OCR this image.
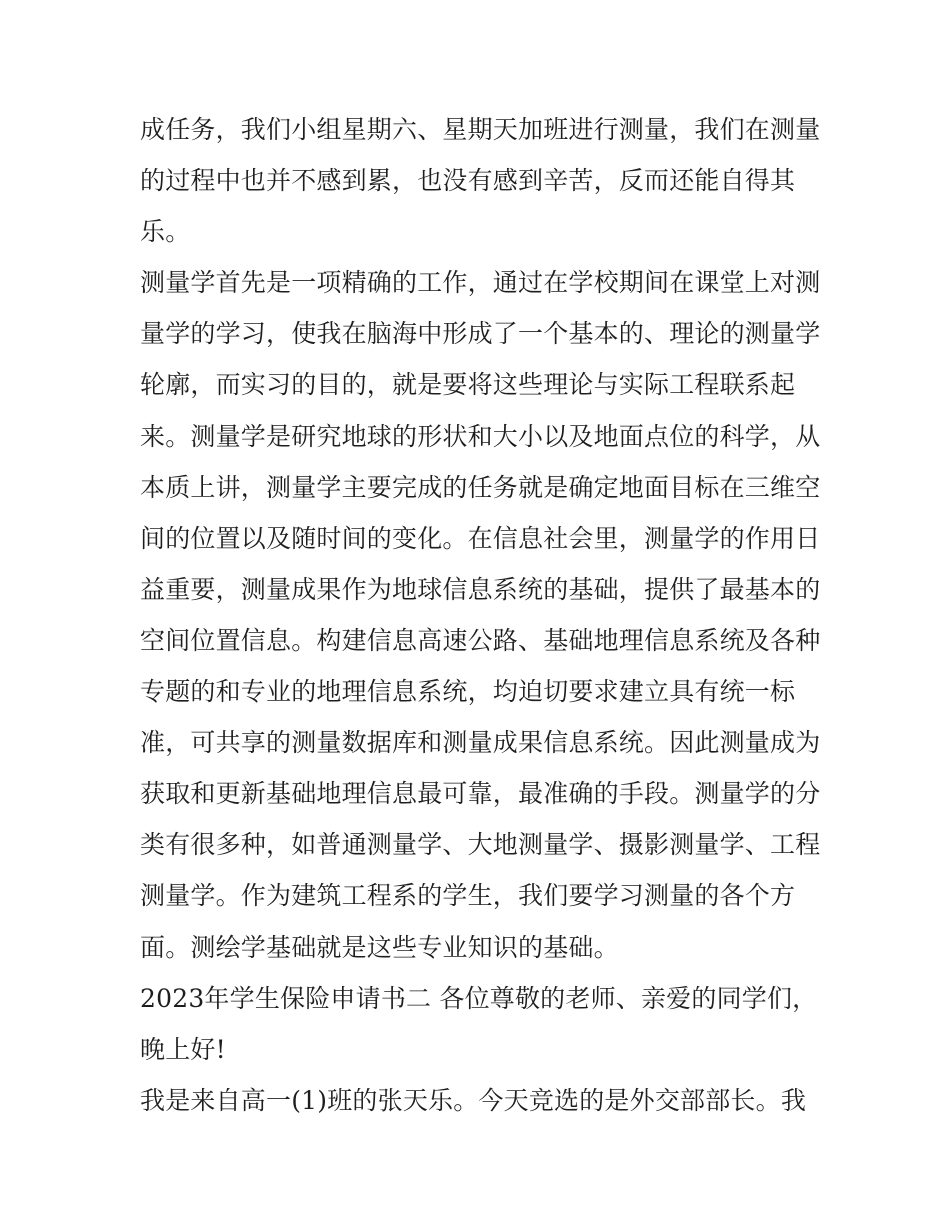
成任务，我们小组星期六、星期天加班进行测量，我们在测量
的过程中也并不感到累，也没有感到辛苦，反而还能自得其
乐。
测量学首先是一项精确的工作，通过在学校期间在课堂上对测
量学的学习，使我在脑海中形成了一个基本的、理论的测量学
轮廓，而实习的目的，就是要将这些理论与实际工程联系起
来。测量学是研究地球的形状和大小以及地面点位的科学，从
本质上讲，测量学主要完成的任务就是确定地面目标在三维空
间的位置以及随时间的变化。在信息社会里，测量学的作用日
益重要，测量成果作为地球信息系统的基础，提供了最基本的
空间位置信息。构建信息高速公路、基础地理信息系统及各种
专题的和专业的地理信息系统，均迫切要求建立具有统一标
准，可共享的测量数据库和测量成果信息系统。因此测量成为
获取和更新基础地理信息最可靠，最准确的手段。测量学的分
类有很多种，如普通测量学、大地测量学、摄影测量学、工程
测量学。作为建筑工程系的学生，我们要学习测量的各个方
面。测绘学基础就是这些专业知识的基础。
2023年学生保险申请书二 各位尊敬的老师、亲爱的同学们，
晚上好!
我是来自高一(1)班的张天乐。今天竞选的是外交部部长。我
